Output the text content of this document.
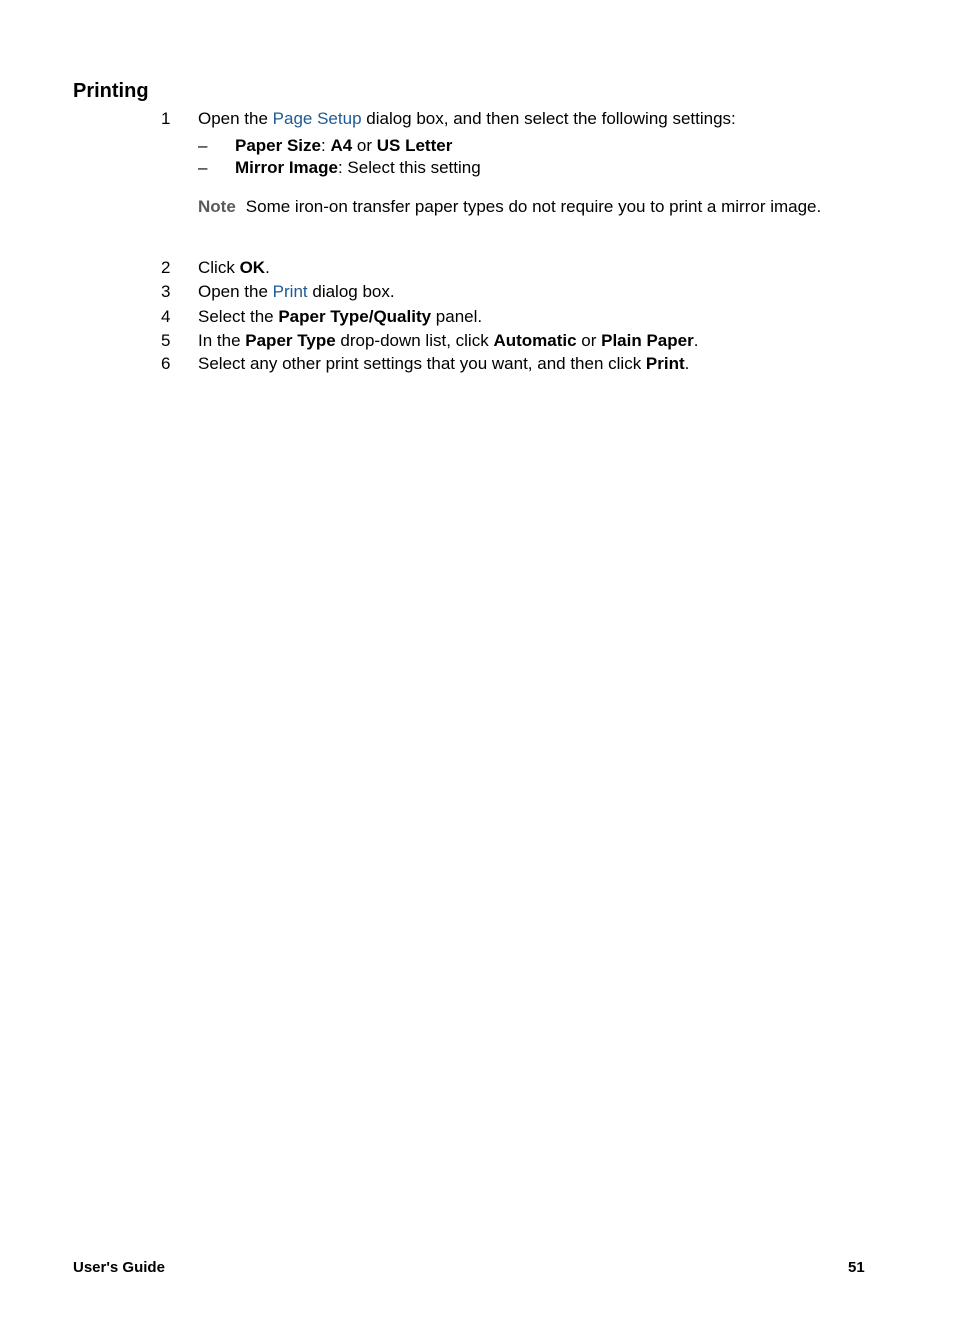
Printing
1 Open the Page Setup dialog box, and then select the following settings:
– Paper Size: A4 or US Letter
– Mirror Image: Select this setting
Note Some iron-on transfer paper types do not require you to print a mirror image.
2 Click OK.
3 Open the Print dialog box.
4 Select the Paper Type/Quality panel.
5 In the Paper Type drop-down list, click Automatic or Plain Paper.
6 Select any other print settings that you want, and then click Print.
User's Guide	51
